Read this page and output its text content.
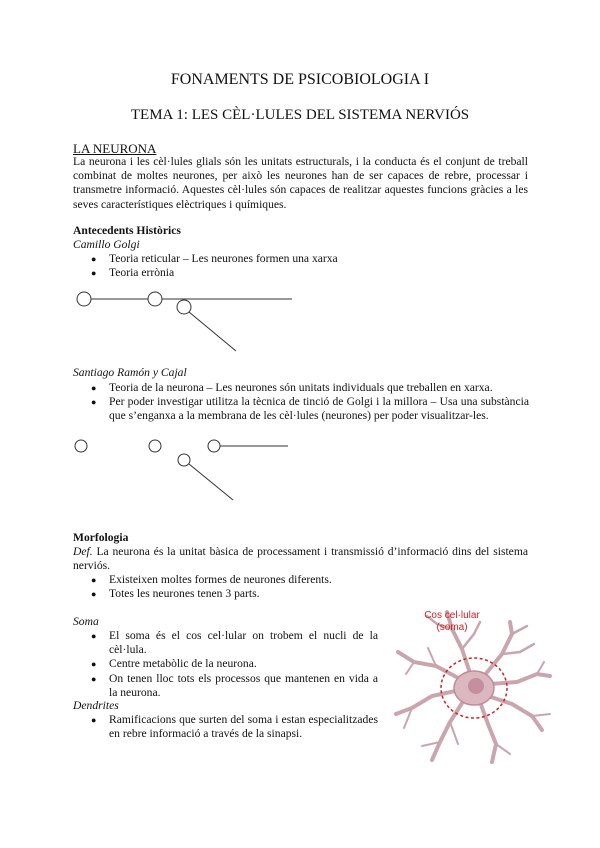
FONAMENTS DE PSICOBIOLOGIA I
TEMA 1: LES CÈL·LULES DEL SISTEMA NERVIÓS
LA NEURONA
La neurona i les cèl·lules glials són les unitats estructurals, i la conducta és el conjunt de treball combinat de moltes neurones, per això les neurones han de ser capaces de rebre, processar i transmetre informació. Aquestes cèl·lules són capaces de realitzar aquestes funcions gràcies a les seves característiques elèctriques i químiques.
Antecedents Històrics
Camillo Golgi
● Teoria reticular – Les neurones formen una xarxa
● Teoria errònia
Santiago Ramón y Cajal
● Teoria de la neurona – Les neurones són unitats individuals que treballen en xarxa.
● Per poder investigar utilitza la tècnica de tinció de Golgi i la millora – Usa una substància que s’enganxa a la membrana de les cèl·lules (neurones) per poder visualitzar-les.
Morfologia
Def. La neurona és la unitat bàsica de processament i transmissió d’informació dins del sistema nerviós.
● Existeixen moltes formes de neurones diferents.
● Totes les neurones tenen 3 parts.
Soma
● El soma és el cos cel·lular on trobem el nucli de la cèl·lula.
● Centre metabòlic de la neurona.
● On tenen lloc tots els processos que mantenen en vida a la neurona.
Dendrites
● Ramificacions que surten del soma i estan especialitzades en rebre informació a través de la sinapsi.
Cos cel·lular
(soma)
